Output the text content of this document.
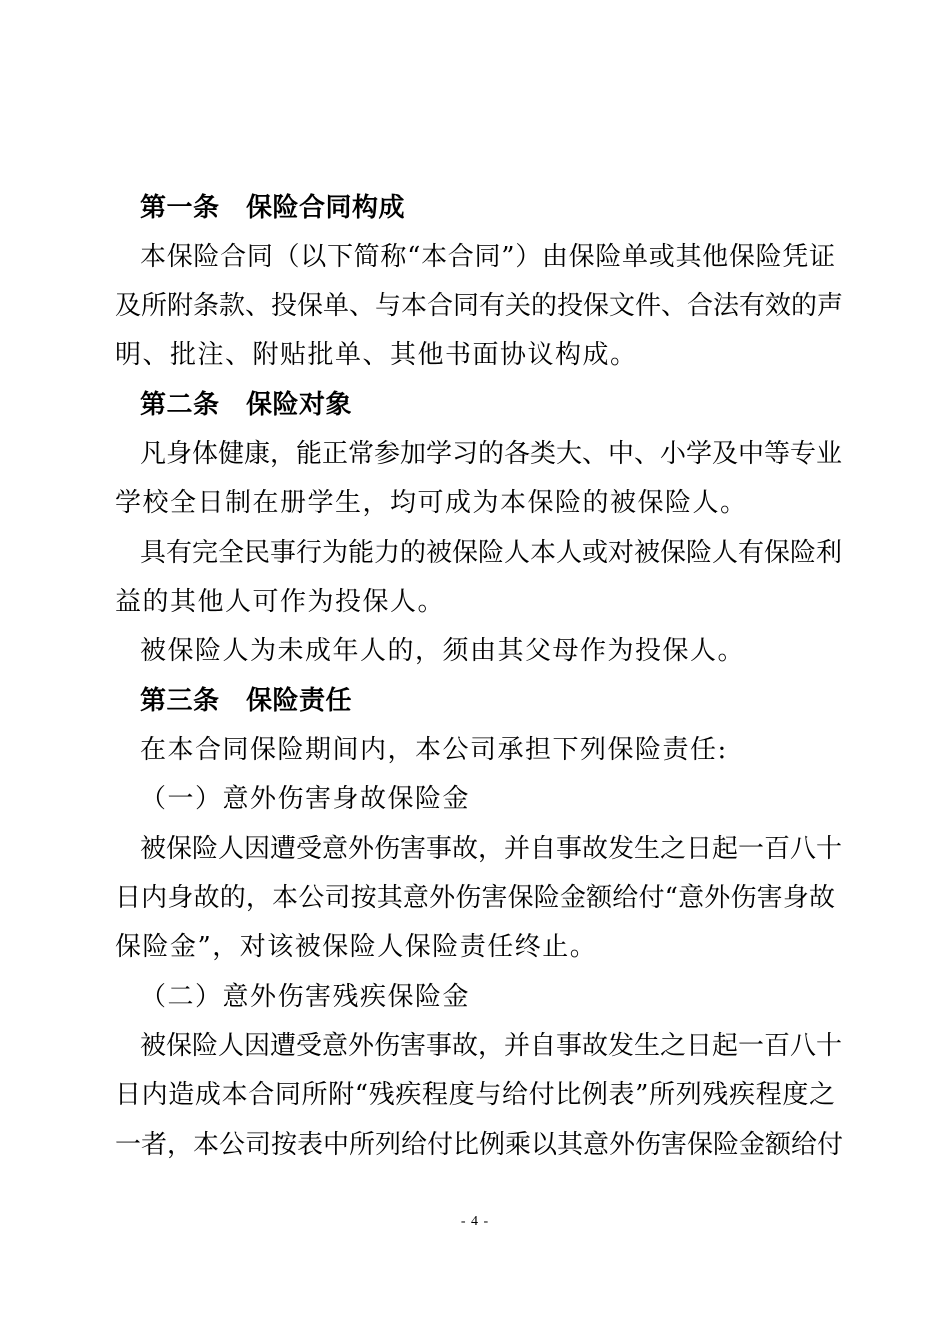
第一条　保险合同构成
本保险合同（以下简称“本合同”）由保险单或其他保险凭证
及所附条款、投保单、与本合同有关的投保文件、合法有效的声
明、批注、附贴批单、其他书面协议构成。
第二条　保险对象
凡身体健康，能正常参加学习的各类大、中、小学及中等专业
学校全日制在册学生，均可成为本保险的被保险人。
具有完全民事行为能力的被保险人本人或对被保险人有保险利
益的其他人可作为投保人。
被保险人为未成年人的，须由其父母作为投保人。
第三条　保险责任
在本合同保险期间内，本公司承担下列保险责任:
（一）意外伤害身故保险金
被保险人因遭受意外伤害事故，并自事故发生之日起一百八十
日内身故的，本公司按其意外伤害保险金额给付“意外伤害身故
保险金”，对该被保险人保险责任终止。
（二）意外伤害残疾保险金
被保险人因遭受意外伤害事故，并自事故发生之日起一百八十
日内造成本合同所附“残疾程度与给付比例表”所列残疾程度之
一者，本公司按表中所列给付比例乘以其意外伤害保险金额给付
- 4 -
